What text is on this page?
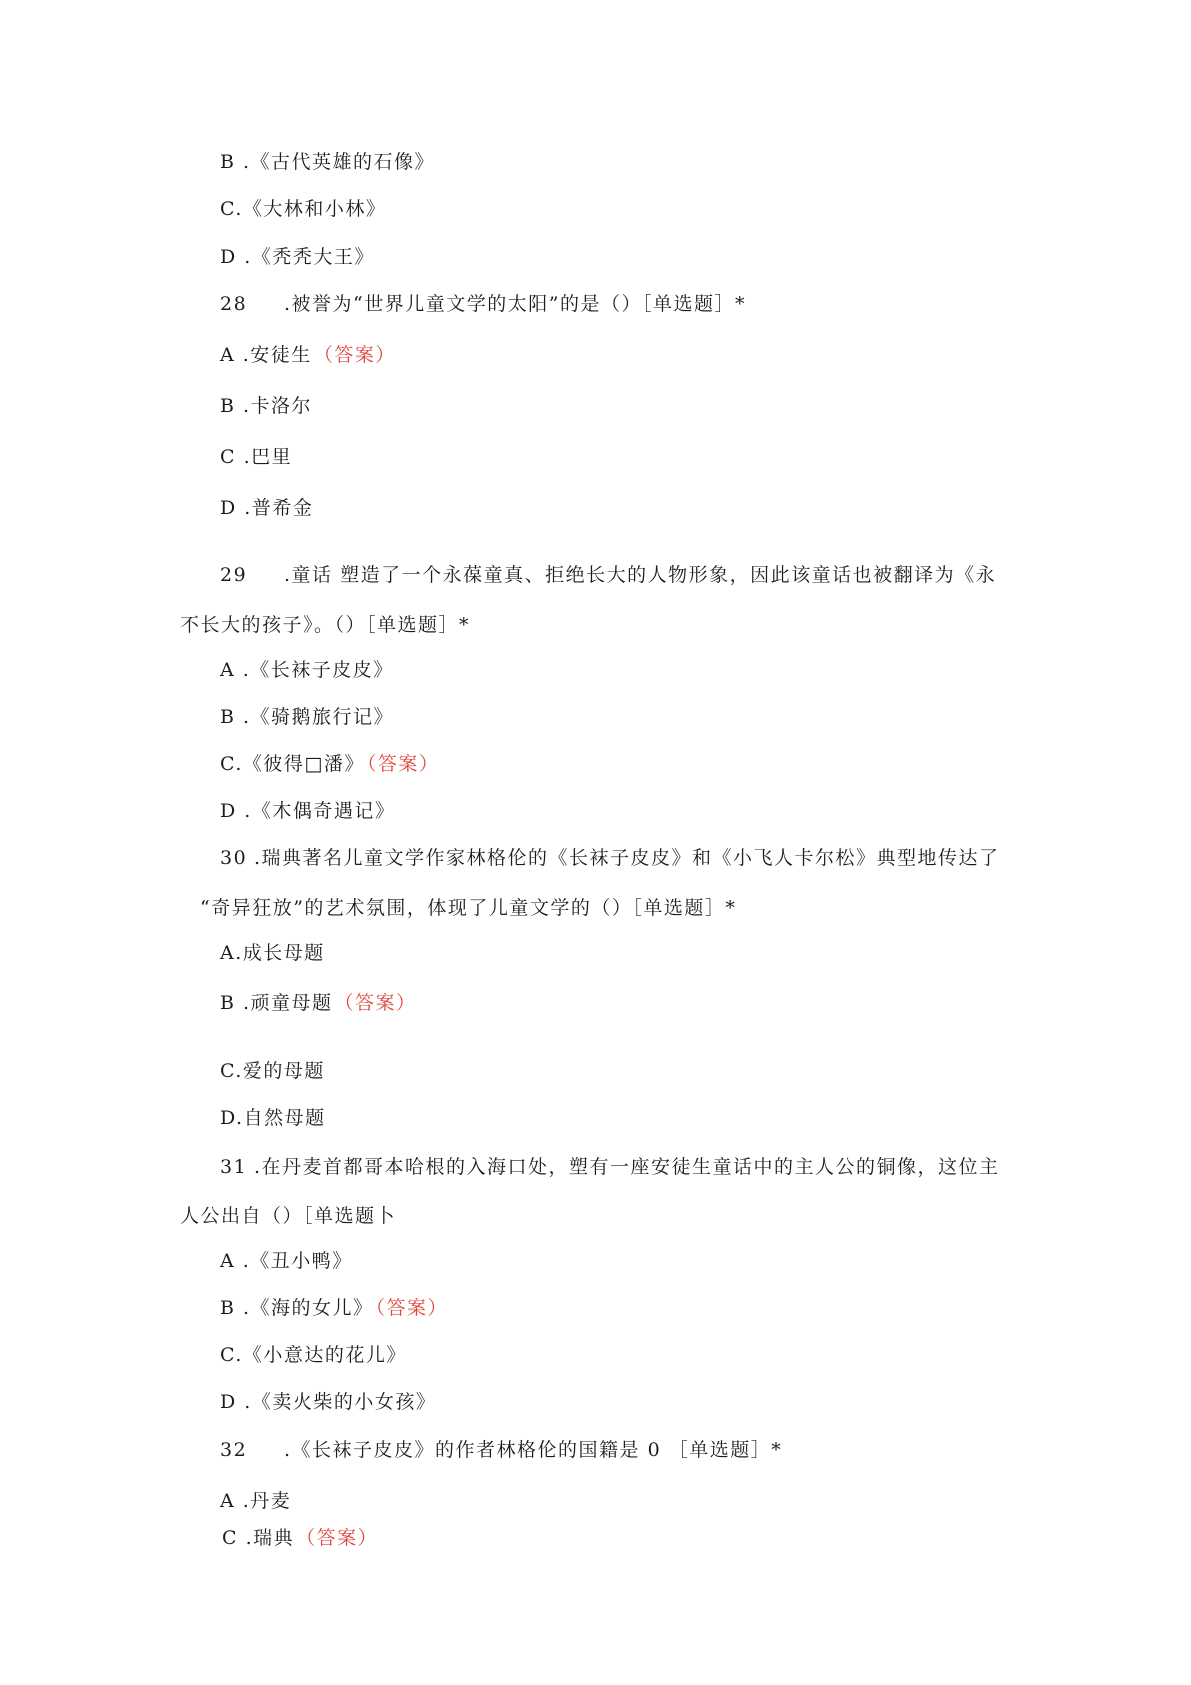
B .《古代英雄的石像》
C.《大林和小林》
D .《秃秃大王》
28 .被誉为“世界儿童文学的太阳”的是（）［单选题］*
A .安徒生 （答案）
B .卡洛尔
C .巴里
D .普希金
29 .童话 塑造了一个永葆童真、拒绝长大的人物形象，因此该童话也被翻译为《永
不长大的孩子》。（）［单选题］*
A .《长袜子皮皮》
B .《骑鹅旅行记》
C.《彼得□潘》 （答案）
D .《木偶奇遇记》
30 .瑞典著名儿童文学作家林格伦的《长袜子皮皮》和《小飞人卡尔松》典型地传达了
“奇异狂放”的艺术氛围，体现了儿童文学的（）［单选题］*
A.成长母题
B .顽童母题 （答案）
C.爱的母题
D.自然母题
31 .在丹麦首都哥本哈根的入海口处，塑有一座安徒生童话中的主人公的铜像，这位主
人公出自（）［单选题卜
A .《丑小鸭》
B .《海的女儿》 （答案）
C.《小意达的花儿》
D .《卖火柴的小女孩》
32 .《长袜子皮皮》的作者林格伦的国籍是 0 ［单选题］*
A .丹麦
C .瑞典 （答案）
